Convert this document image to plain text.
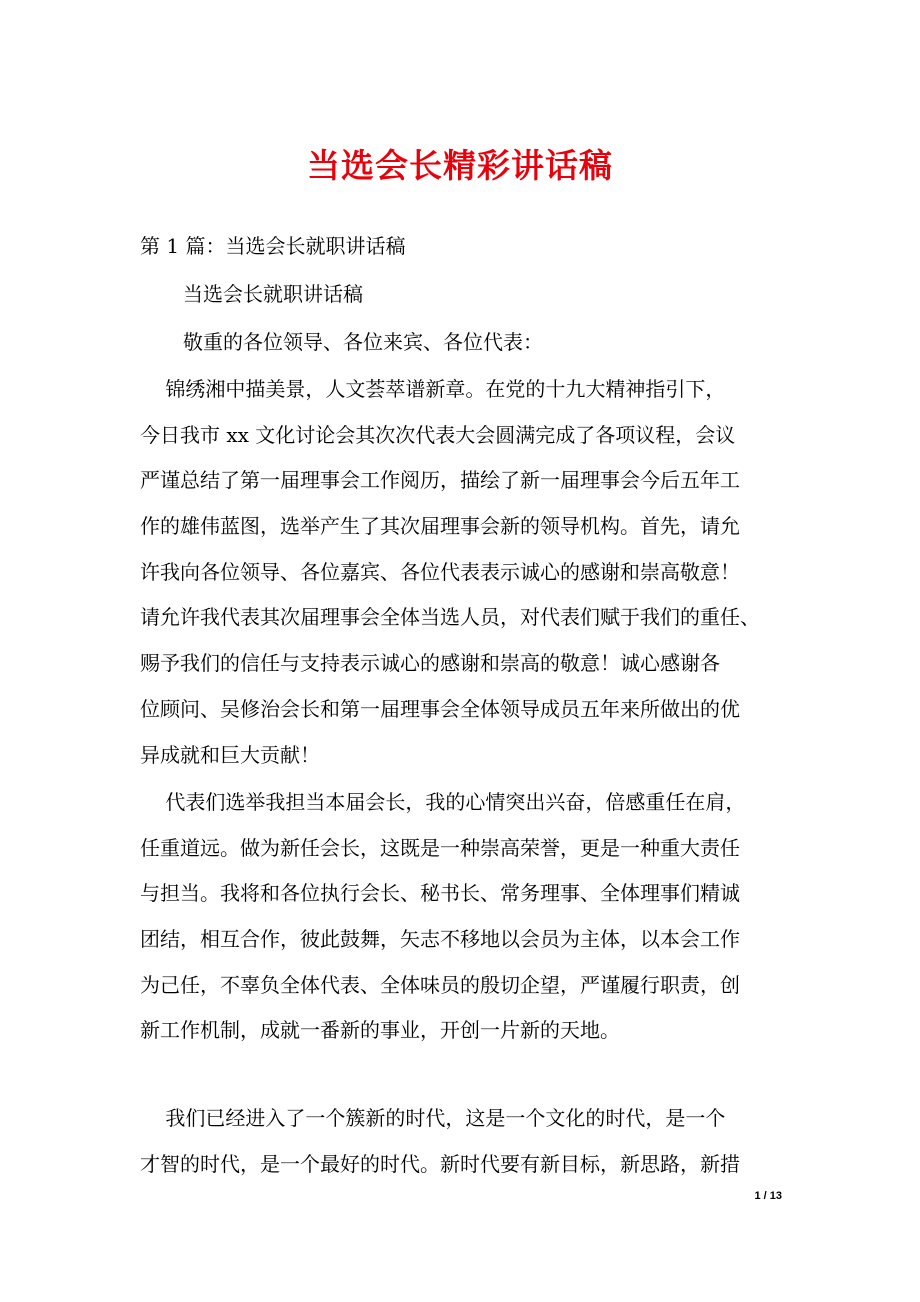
当选会长精彩讲话稿

第 1 篇：当选会长就职讲话稿

当选会长就职讲话稿

敬重的各位领导、各位来宾、各位代表：

锦绣湘中描美景，人文荟萃谱新章。在党的十九大精神指引下，
今日我市 xx 文化讨论会其次次代表大会圆满完成了各项议程，会议
严谨总结了第一届理事会工作阅历，描绘了新一届理事会今后五年工
作的雄伟蓝图，选举产生了其次届理事会新的领导机构。首先，请允
许我向各位领导、各位嘉宾、各位代表表示诚心的感谢和崇高敬意！
请允许我代表其次届理事会全体当选人员，对代表们赋于我们的重任、
赐予我们的信任与支持表示诚心的感谢和崇高的敬意！诚心感谢各
位顾问、吴修治会长和第一届理事会全体领导成员五年来所做出的优
异成就和巨大贡献！
代表们选举我担当本届会长，我的心情突出兴奋，倍感重任在肩，
任重道远。做为新任会长，这既是一种崇高荣誉，更是一种重大责任
与担当。我将和各位执行会长、秘书长、常务理事、全体理事们精诚
团结，相互合作，彼此鼓舞，矢志不移地以会员为主体，以本会工作
为己任，不辜负全体代表、全体味员的殷切企望，严谨履行职责，创
新工作机制，成就一番新的事业，开创一片新的天地。
我们已经进入了一个簇新的时代，这是一个文化的时代，是一个
才智的时代，是一个最好的时代。新时代要有新目标，新思路，新措
1 / 13
